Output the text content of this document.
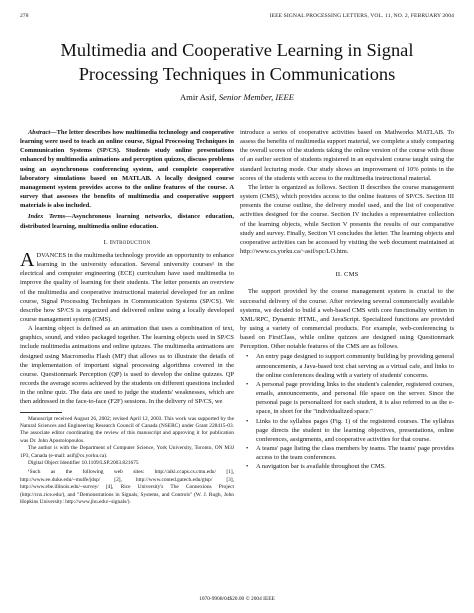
278	IEEE SIGNAL PROCESSING LETTERS, VOL. 11, NO. 2, FEBRUARY 2004
Multimedia and Cooperative Learning in Signal
Processing Techniques in Communications
Amir Asif, Senior Member, IEEE

Abstract—The letter describes how multimedia technology and cooperative learning were used to teach an online course, Signal Processing Techniques in Communication Systems (SP/CS). Students study online presentations enhanced by multimedia animations and perception quizzes, discuss problems using an asynchronous conferencing system, and complete cooperative laboratory simulations based on MATLAB. A locally designed course management system provides access to the online features of the course. A survey that assesses the benefits of multimedia and cooperative support materials is also included.

Index Terms—Asynchronous learning networks, distance education, distributed learning, multimedia online education.

I. Introduction

ADVANCES in the multimedia technology provide an opportunity to enhance learning in the university education. Several university courses¹ in the electrical and computer engineering (ECE) curriculum have used multimedia to improve the quality of learning for their students. The letter presents an overview of the multimedia and cooperative instructional material developed for an online course, Signal Processing Techniques in Communication Systems (SP/CS). We describe how SP/CS is organized and delivered online using a locally developed course management system (CMS).

A learning object is defined as an animation that uses a combination of text, graphics, sound, and video packaged together. The learning objects used in SP/CS include multimedia animations and online quizzes. The multimedia animations are designed using Macromedia Flash (MF) that allows us to illustrate the details of the implementation of important signal processing algorithms covered in the course. Questionmark Perception (QP) is used to develop the online quizzes. QP records the average scores achieved by the students on different questions included in the online quiz. The data are used to judge the students' weaknesses, which are then addressed in the face-to-face (F2F) sessions. In the delivery of SP/CS, we

Manuscript received August 26, 2002; revised April 12, 2003. This work was supported by the Natural Sciences and Engineering Research Council of Canada (NSERC) under Grant 228415-03. The associate editor coordinating the review of this manuscript and approving it for publication was Dr. John Apostolopoulos.

The author is with the Department of Computer Science, York University, Toronto, ON M3J 1P3, Canada (e-mail: asif@cs.yorku.ca).

Digital Object Identifier 10.1109/LSP.2003.821675

¹Such as the following web sites: http://aiki.ccaps.cs.cmu.edu/ [1], http://www.ee.duke.edu/~mulfe/jdsp/ [2], http://www.conted.gatech.edu/gtsp/ [3], http://www.ebe.illinois.edu/~survey/ [4], Rice University's The Connexions Project (http://cnx.rice.edu/), and "Demonstrations in Signals, Systems, and Controls" (W. J. Rugh, John Hopkins University: http://www.jhu.edu/~signals/).

introduce a series of cooperative activities based on Mathworks MATLAB. To assess the benefits of multimedia support material, we complete a study comparing the overall scores of the students taking the online version of the course with those of an earlier section of students registered in an equivalent course taught using the standard lecturing mode. Our study shows an improvement of 10% points in the scores of the students with access to the multimedia instructional material.

The letter is organized as follows. Section II describes the course management system (CMS), which provides access to the online features of SP/CS. Section III presents the course outline, the delivery model used, and the list of cooperative activities designed for the course. Section IV includes a representative collection of the learning objects, while Section V presents the results of our comparative study and survey. Finally, Section VI concludes the letter. The learning objects and cooperative activities can be accessed by visiting the web document maintained at http://www.cs.yorku.ca/~asif/spc/LO.htm.

II. CMS

The support provided by the course management system is crucial to the successful delivery of the course. After reviewing several commercially available systems, we decided to build a web-based CMS with core functionality written in XML/RPC, Dynamic HTML, and JavaScript. Specialized functions are provided by using a variety of commercial products. For example, web-conferencing is based on FirstClass, while online quizzes are designed using Questionmark Perception. Other notable features of the CMS are as follows.

• An entry page designed to support community building by providing general announcements, a Java-based text chat serving as a virtual cafe, and links to the online conferences dealing with a variety of students' concerns.
• A personal page providing links to the student's calender, registered courses, emails, announcements, and personal file space on the server. Since the personal page is personalized for each student, it is also referred to as the e-space, in short for the "individualized space."
• Links to the syllabus pages (Fig. 1) of the registered courses. The syllabus page directs the student to the learning objectives, presentations, online conferences, assignments, and cooperative activities for that course.
• A teams' page listing the class members by teams. The teams' page provides access to the team conferences.
• A navigation bar is available throughout the CMS.
1070-9908/04$20.00 © 2004 IEEE
